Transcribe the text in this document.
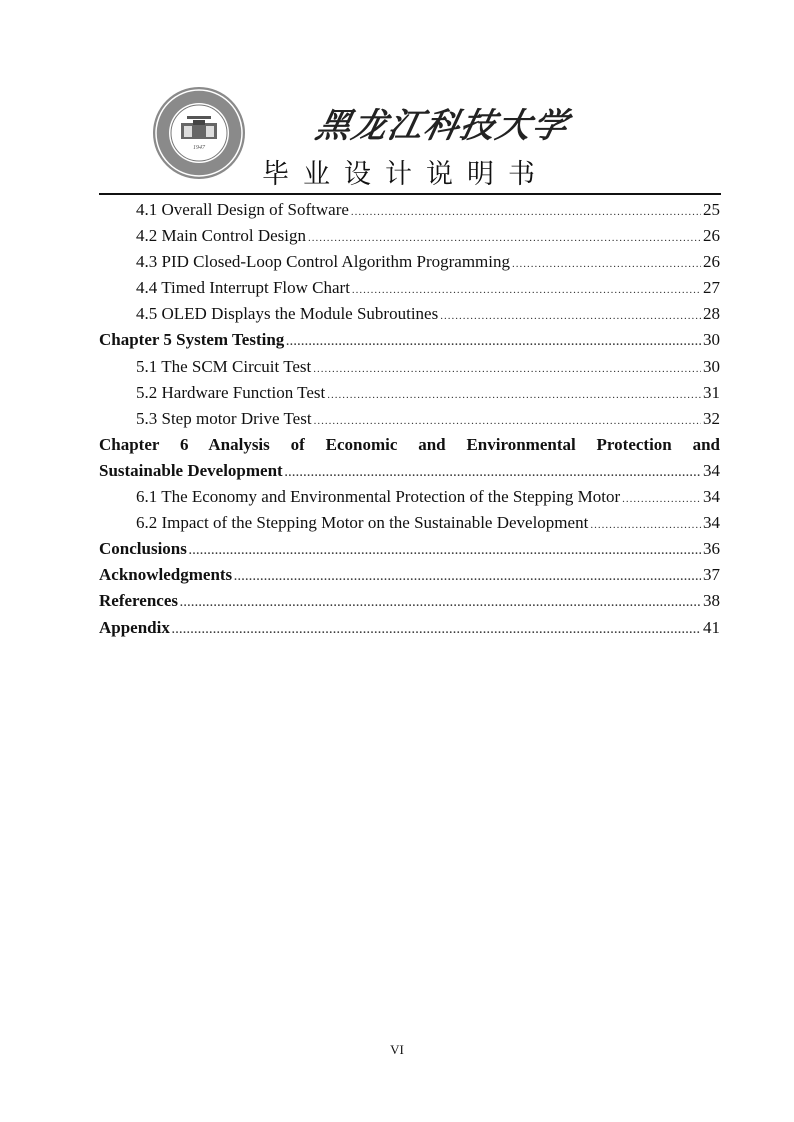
1947
黑龙江科技大学
毕业设计说明书
4.1 Overall Design of Software .....	25
4.2 Main Control Design .....	26
4.3 PID Closed-Loop Control Algorithm Programming .....	26
4.4 Timed Interrupt Flow Chart .....	27
4.5 OLED Displays the Module Subroutines .....	28
Chapter 5 System Testing .....	30
5.1 The SCM Circuit Test .....	30
5.2 Hardware Function Test .....	31
5.3 Step motor Drive Test .....	32
Chapter 6 Analysis of Economic and Environmental Protection and
Sustainable Development .....	34
6.1 The Economy and Environmental Protection of the Stepping Motor .....	34
6.2 Impact of the Stepping Motor on the Sustainable Development .....	34
Conclusions .....	36
Acknowledgments .....	37
References .....	38
Appendix .....	41
VI
